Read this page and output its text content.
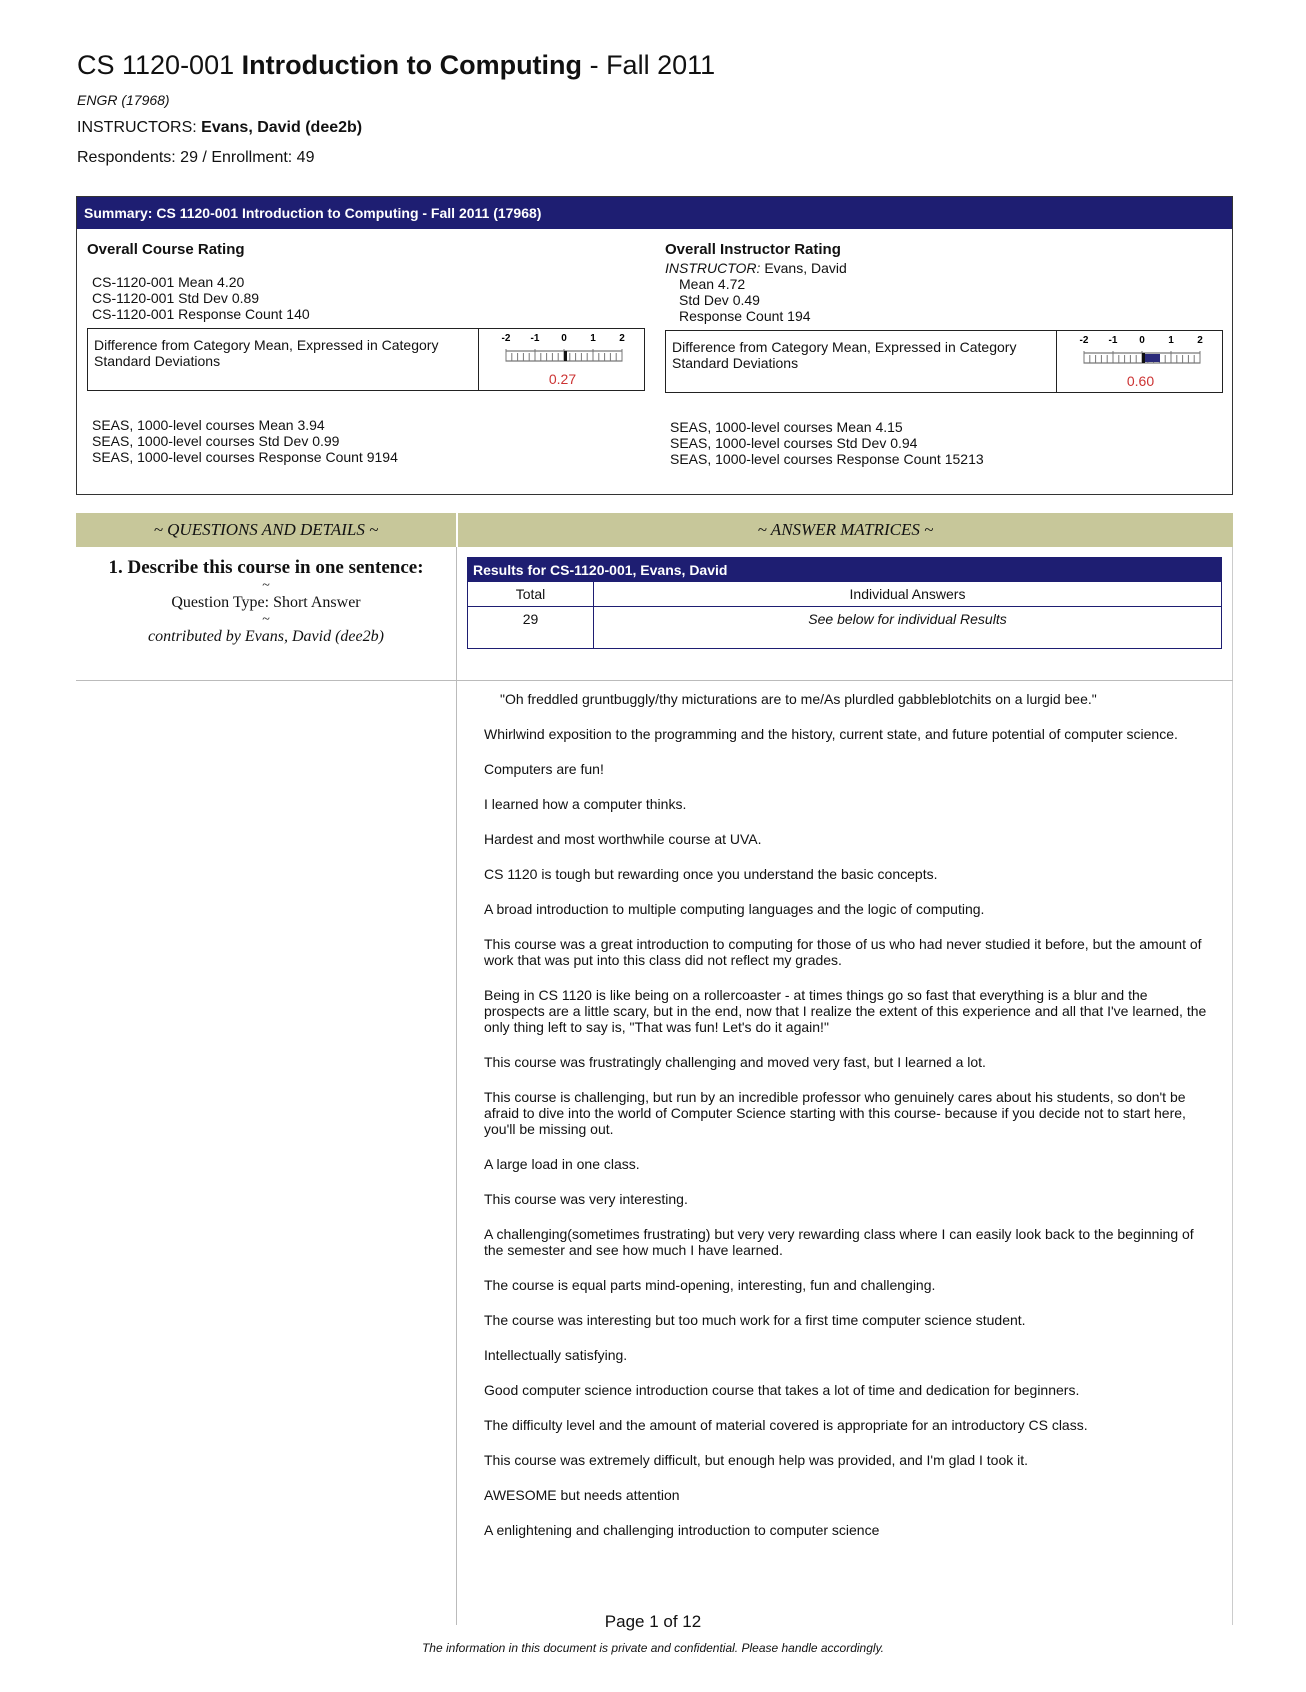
CS 1120-001 Introduction to Computing - Fall 2011
ENGR (17968)
INSTRUCTORS: Evans, David (dee2b)
Respondents: 29 / Enrollment: 49
Summary: CS 1120-001 Introduction to Computing - Fall 2011 (17968)
Overall Course Rating
CS-1120-001 Mean 4.20
CS-1120-001 Std Dev 0.89
CS-1120-001 Response Count 140
Difference from Category Mean, Expressed in Category Standard Deviations
-2 -1 0 1 2
0.27
SEAS, 1000-level courses Mean 3.94
SEAS, 1000-level courses Std Dev 0.99
SEAS, 1000-level courses Response Count 9194
Overall Instructor Rating
INSTRUCTOR: Evans, David
Mean 4.72
Std Dev 0.49
Response Count 194
Difference from Category Mean, Expressed in Category Standard Deviations
-2 -1 0 1 2
0.60
SEAS, 1000-level courses Mean 4.15
SEAS, 1000-level courses Std Dev 0.94
SEAS, 1000-level courses Response Count 15213
~ QUESTIONS AND DETAILS ~	~ ANSWER MATRICES ~
1. Describe this course in one sentence:
~
Question Type: Short Answer
~
contributed by Evans, David (dee2b)
Results for CS-1120-001, Evans, David
Total	Individual Answers
29	See below for individual Results

"Oh freddled gruntbuggly/thy micturations are to me/As plurdled gabbleblotchits on a lurgid bee."

Whirlwind exposition to the programming and the history, current state, and future potential of computer science.

Computers are fun!

I learned how a computer thinks.

Hardest and most worthwhile course at UVA.

CS 1120 is tough but rewarding once you understand the basic concepts.

A broad introduction to multiple computing languages and the logic of computing.

This course was a great introduction to computing for those of us who had never studied it before, but the amount of work that was put into this class did not reflect my grades.

Being in CS 1120 is like being on a rollercoaster - at times things go so fast that everything is a blur and the prospects are a little scary, but in the end, now that I realize the extent of this experience and all that I've learned, the only thing left to say is, "That was fun! Let's do it again!"

This course was frustratingly challenging and moved very fast, but I learned a lot.

This course is challenging, but run by an incredible professor who genuinely cares about his students, so don't be afraid to dive into the world of Computer Science starting with this course- because if you decide not to start here, you'll be missing out.

A large load in one class.

This course was very interesting.

A challenging(sometimes frustrating) but very very rewarding class where I can easily look back to the beginning of the semester and see how much I have learned.

The course is equal parts mind-opening, interesting, fun and challenging.

The course was interesting but too much work for a first time computer science student.

Intellectually satisfying.

Good computer science introduction course that takes a lot of time and dedication for beginners.

The difficulty level and the amount of material covered is appropriate for an introductory CS class.

This course was extremely difficult, but enough help was provided, and I'm glad I took it.

AWESOME but needs attention

A enlightening and challenging introduction to computer science

Page 1 of 12
The information in this document is private and confidential. Please handle accordingly.
